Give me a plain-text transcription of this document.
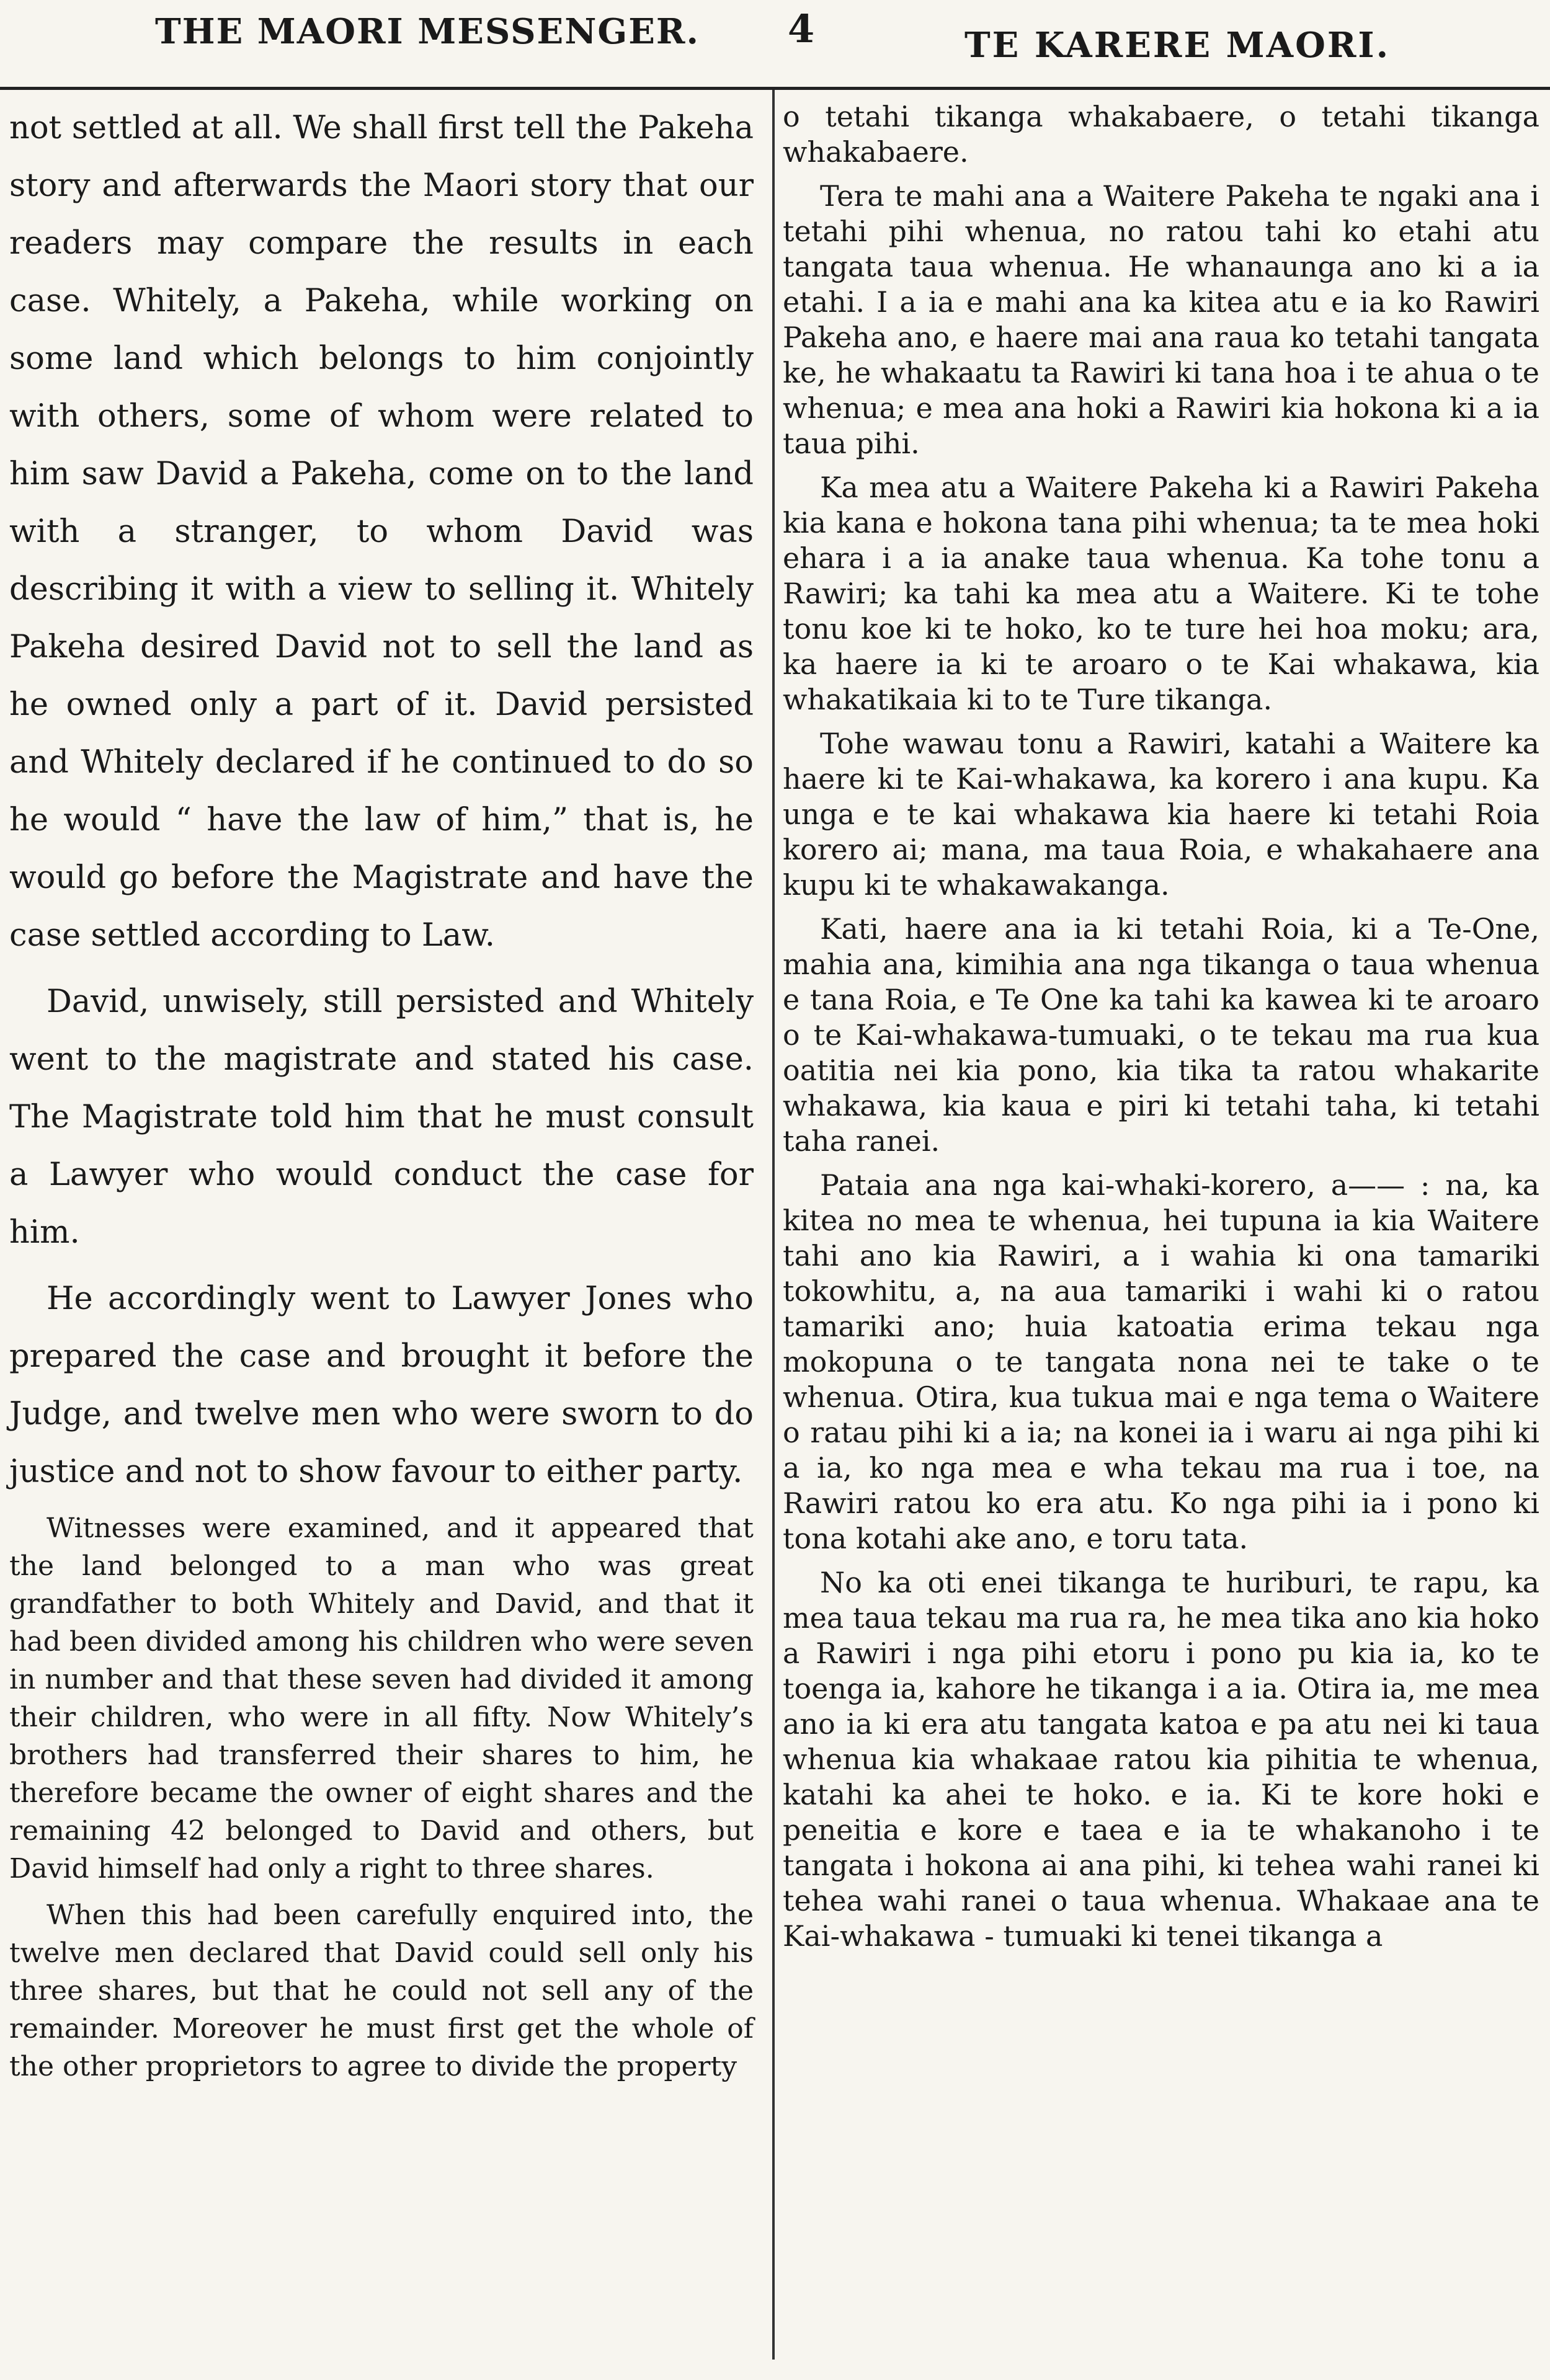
THE MAORI MESSENGER. 4	TE KARERE MAORI.

not settled at all. We shall first tell the Pakeha story and afterwards the Maori story that our readers may compare the results in each case. Whitely, a Pakeha, while working on some land which belongs to him conjointly with others, some of whom were related to him saw David a Pakeha, come on to the land with a stranger, to whom David was describing it with a view to selling it. Whitely Pakeha desired David not to sell the land as he owned only a part of it. David persisted and Whitely declared if he continued to do so he would “ have the law of him,” that is, he would go before the Magistrate and have the case settled according to Law.

David, unwisely, still persisted and Whitely went to the magistrate and stated his case. The Magistrate told him that he must consult a Lawyer who would conduct the case for him.

He accordingly went to Lawyer Jones who prepared the case and brought it before the Judge, and twelve men who were sworn to do justice and not to show favour to either party.

Witnesses were examined, and it appeared that the land belonged to a man who was great grandfather to both Whitely and David, and that it had been divided among his children who were seven in number and that these seven had divided it among their children, who were in all fifty. Now Whitely’s brothers had transferred their shares to him, he therefore became the owner of eight shares and the remaining 42 belonged to David and others, but David himself had only a right to three shares.

When this had been carefully enquired into, the twelve men declared that David could sell only his three shares, but that he could not sell any of the remainder. Moreover he must first get the whole of the other proprietors to agree to divide the property

o tetahi tikanga whakabaere, o tetahi tikanga whakabaere.

Tera te mahi ana a Waitere Pakeha te ngaki ana i tetahi pihi whenua, no ratou tahi ko etahi atu tangata taua whenua. He whanaunga ano ki a ia etahi. I a ia e mahi ana ka kitea atu e ia ko Rawiri Pakeha ano, e haere mai ana raua ko tetahi tangata ke, he whakaatu ta Rawiri ki tana hoa i te ahua o te whenua; e mea ana hoki a Rawiri kia hokona ki a ia taua pihi.

Ka mea atu a Waitere Pakeha ki a Rawiri Pakeha kia kana e hokona tana pihi whenua; ta te mea hoki ehara i a ia anake taua whenua. Ka tohe tonu a Rawiri; ka tahi ka mea atu a Waitere. Ki te tohe tonu koe ki te hoko, ko te ture hei hoa moku; ara, ka haere ia ki te aroaro o te Kai whakawa, kia whakatikaia ki to te Ture tikanga.

Tohe wawau tonu a Rawiri, katahi a Waitere ka haere ki te Kai-whakawa, ka korero i ana kupu. Ka unga e te kai whakawa kia haere ki tetahi Roia korero ai; mana, ma taua Roia, e whakahaere ana kupu ki te whakawakanga.

Kati, haere ana ia ki tetahi Roia, ki a Te-One, mahia ana, kimihia ana nga tikanga o taua whenua e tana Roia, e Te One ka tahi ka kawea ki te aroaro o te Kai-whakawa-tumuaki, o te tekau ma rua kua oatitia nei kia pono, kia tika ta ratou whakarite whakawa, kia kaua e piri ki tetahi taha, ki tetahi taha ranei.

Pataia ana nga kai-whaki-korero, a—— : na, ka kitea no mea te whenua, hei tupuna ia kia Waitere tahi ano kia Rawiri, a i wahia ki ona tamariki tokowhitu, a, na aua tamariki i wahi ki o ratou tamariki ano; huia katoatia erima tekau nga mokopuna o te tangata nona nei te take o te whenua. Otira, kua tukua mai e nga tema o Waitere o ratau pihi ki a ia; na konei ia i waru ai nga pihi ki a ia, ko nga mea e wha tekau ma rua i toe, na Rawiri ratou ko era atu. Ko nga pihi ia i pono ki tona kotahi ake ano, e toru tata.

No ka oti enei tikanga te huriburi, te rapu, ka mea taua tekau ma rua ra, he mea tika ano kia hoko a Rawiri i nga pihi etoru i pono pu kia ia, ko te toenga ia, kahore he tikanga i a ia. Otira ia, me mea ano ia ki era atu tangata katoa e pa atu nei ki taua whenua kia whakaae ratou kia pihitia te whenua, katahi ka ahei te hoko. e ia. Ki te kore hoki e peneitia e kore e taea e ia te whakanoho i te tangata i hokona ai ana pihi, ki tehea wahi ranei ki tehea wahi ranei o taua whenua. Whakaae ana te Kai-whakawa - tumuaki ki tenei tikanga a
